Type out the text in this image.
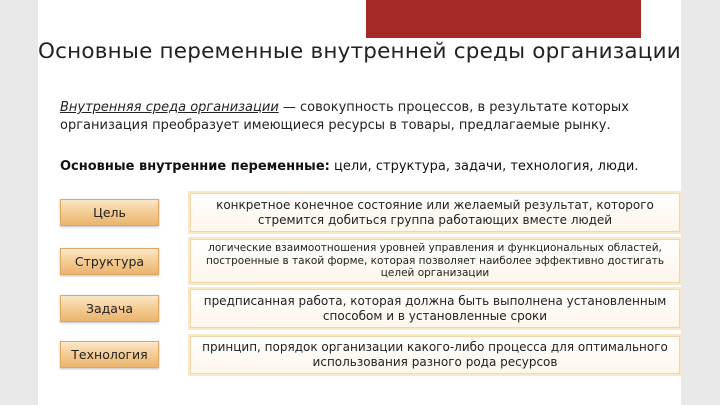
Основные переменные внутренней среды организации
Внутренняя среда организации — совокупность процессов, в результате которых организация преобразует имеющиеся ресурсы в товары, предлагаемые рынку.
Основные внутренние переменные: цели, структура, задачи, технология, люди.
Цель
конкретное конечное состояние или желаемый результат, которого стремится добиться группа работающих вместе людей
Структура
логические взаимоотношения уровней управления и функциональных областей, построенные в такой форме, которая позволяет наиболее эффективно достигать целей организации
Задача
предписанная работа, которая должна быть выполнена установленным способом и в установленные сроки
Технология	принцип, порядок организации какого-либо процесса для оптимального использования разного рода ресурсов
